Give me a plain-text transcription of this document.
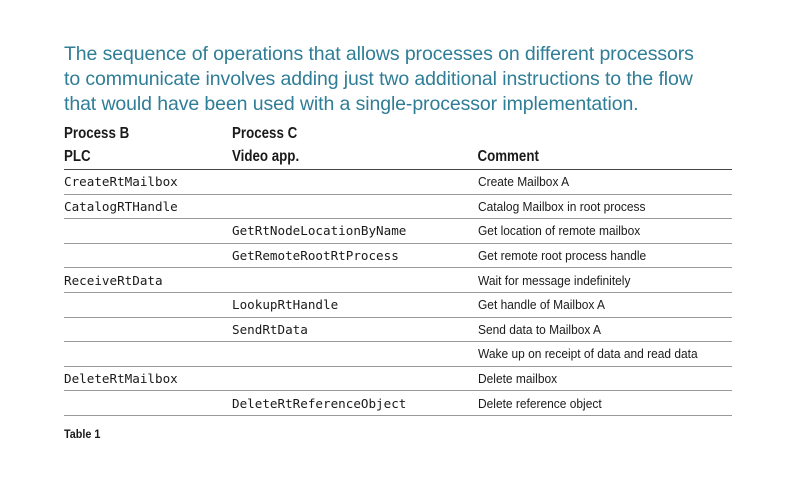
The sequence of operations that allows processes on different processors
to communicate involves adding just two additional instructions to the flow
that would have been used with a single-processor implementation.

Process B	Process C	
PLC	Video app.	Comment
CreateRtMailbox		Create Mailbox A
CatalogRTHandle		Catalog Mailbox in root process
	GetRtNodeLocationByName	Get location of remote mailbox
	GetRemoteRootRtProcess	Get remote root process handle
ReceiveRtData		Wait for message indefinitely
	LookupRtHandle	Get handle of Mailbox A
	SendRtData	Send data to Mailbox A
		Wake up on receipt of data and read data
DeleteRtMailbox		Delete mailbox
	DeleteRtReferenceObject	Delete reference object
Table 1
